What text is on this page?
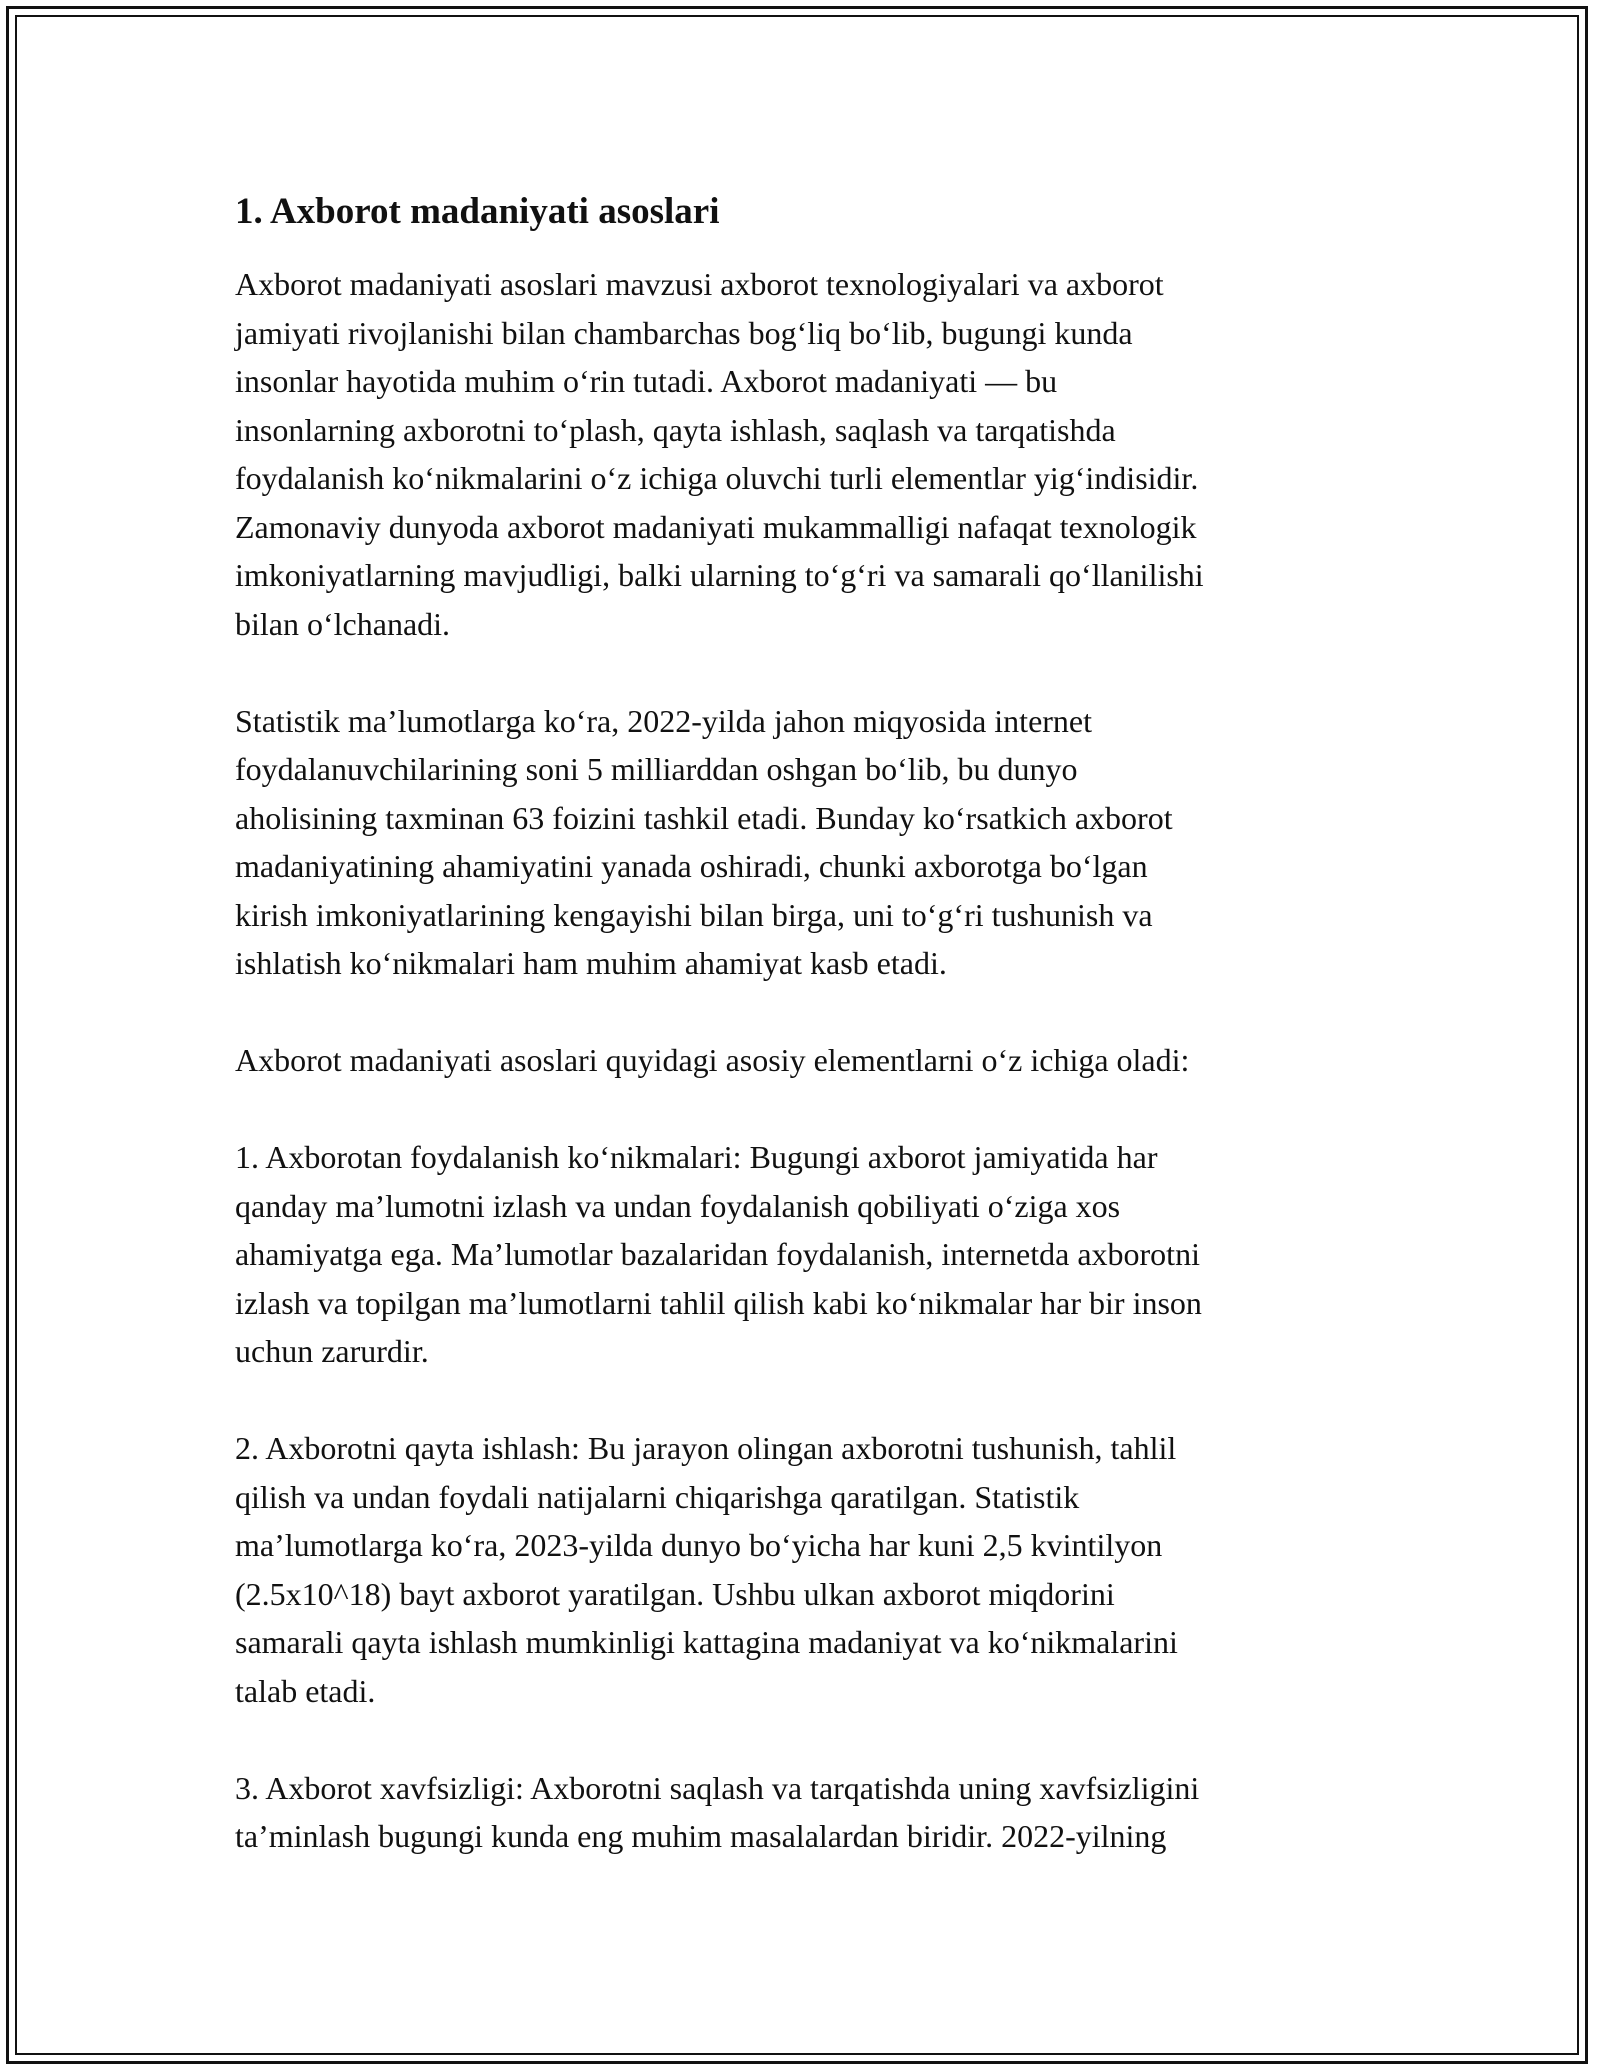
1. Axborot madaniyati asoslari

Axborot madaniyati asoslari mavzusi axborot texnologiyalari va axborot
jamiyati rivojlanishi bilan chambarchas bog‘liq bo‘lib, bugungi kunda
insonlar hayotida muhim o‘rin tutadi. Axborot madaniyati — bu
insonlarning axborotni to‘plash, qayta ishlash, saqlash va tarqatishda
foydalanish ko‘nikmalarini o‘z ichiga oluvchi turli elementlar yig‘indisidir.
Zamonaviy dunyoda axborot madaniyati mukammalligi nafaqat texnologik
imkoniyatlarning mavjudligi, balki ularning to‘g‘ri va samarali qo‘llanilishi
bilan o‘lchanadi.

Statistik ma’lumotlarga ko‘ra, 2022-yilda jahon miqyosida internet
foydalanuvchilarining soni 5 milliarddan oshgan bo‘lib, bu dunyo
aholisining taxminan 63 foizini tashkil etadi. Bunday ko‘rsatkich axborot
madaniyatining ahamiyatini yanada oshiradi, chunki axborotga bo‘lgan
kirish imkoniyatlarining kengayishi bilan birga, uni to‘g‘ri tushunish va
ishlatish ko‘nikmalari ham muhim ahamiyat kasb etadi.

Axborot madaniyati asoslari quyidagi asosiy elementlarni o‘z ichiga oladi:

1. Axborotan foydalanish ko‘nikmalari: Bugungi axborot jamiyatida har
qanday ma’lumotni izlash va undan foydalanish qobiliyati o‘ziga xos
ahamiyatga ega. Ma’lumotlar bazalaridan foydalanish, internetda axborotni
izlash va topilgan ma’lumotlarni tahlil qilish kabi ko‘nikmalar har bir inson
uchun zarurdir.

2. Axborotni qayta ishlash: Bu jarayon olingan axborotni tushunish, tahlil
qilish va undan foydali natijalarni chiqarishga qaratilgan. Statistik
ma’lumotlarga ko‘ra, 2023-yilda dunyo bo‘yicha har kuni 2,5 kvintilyon
(2.5x10^18) bayt axborot yaratilgan. Ushbu ulkan axborot miqdorini
samarali qayta ishlash mumkinligi kattagina madaniyat va ko‘nikmalarini
talab etadi.

3. Axborot xavfsizligi: Axborotni saqlash va tarqatishda uning xavfsizligini
ta’minlash bugungi kunda eng muhim masalalardan biridir. 2022-yilning
